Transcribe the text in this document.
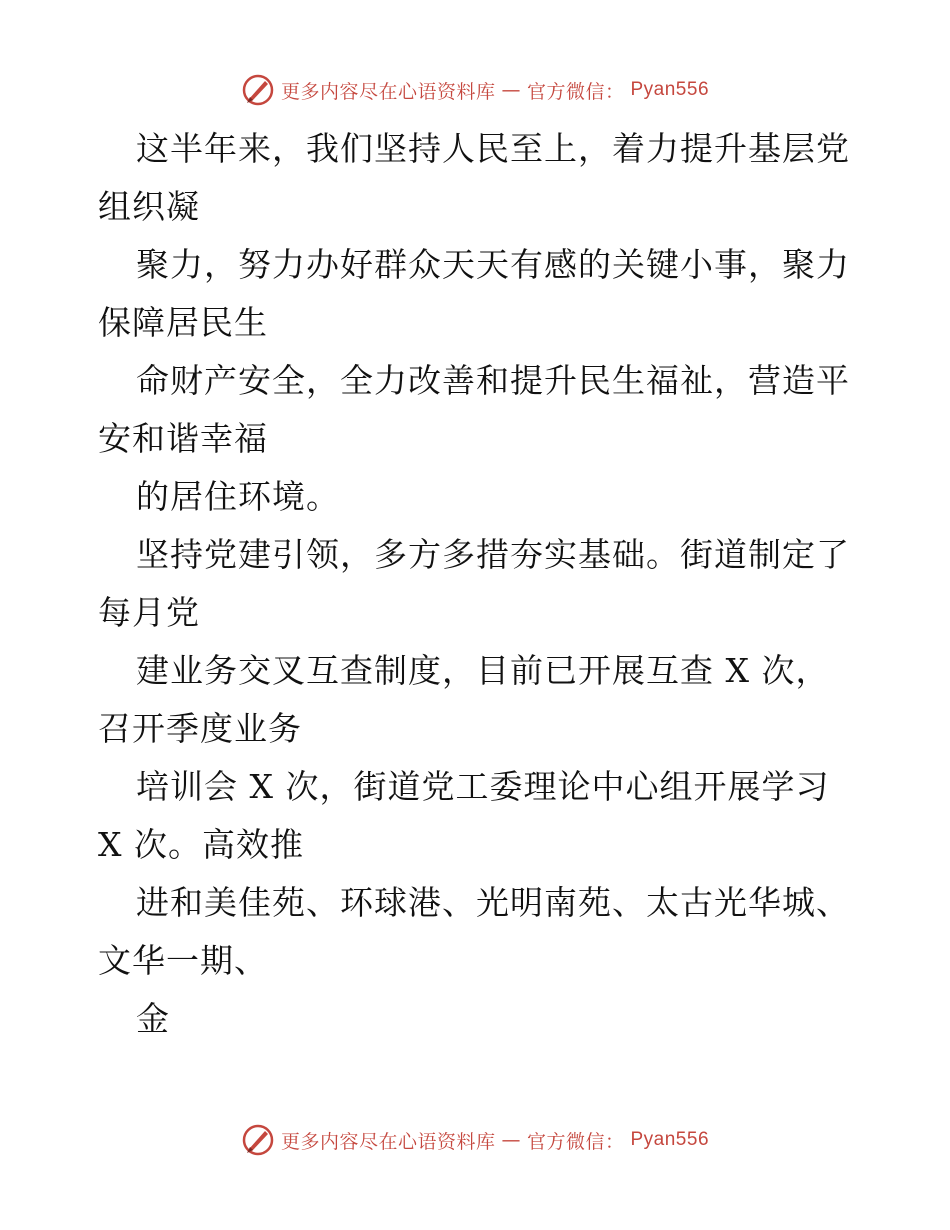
更多内容尽在心语资料库 — 官方微信： Pyan556
这半年来，我们坚持人民至上，着力提升基层党
组织凝
聚力，努力办好群众天天有感的关键小事，聚力
保障居民生
命财产安全，全力改善和提升民生福祉，营造平
安和谐幸福
的居住环境。
坚持党建引领，多方多措夯实基础。街道制定了
每月党
建业务交叉互查制度，目前已开展互查 X 次，
召开季度业务
培训会 X 次，街道党工委理论中心组开展学习
X 次。高效推
进和美佳苑、环球港、光明南苑、太古光华城、
文华一期、
金
更多内容尽在心语资料库 — 官方微信： Pyan556
